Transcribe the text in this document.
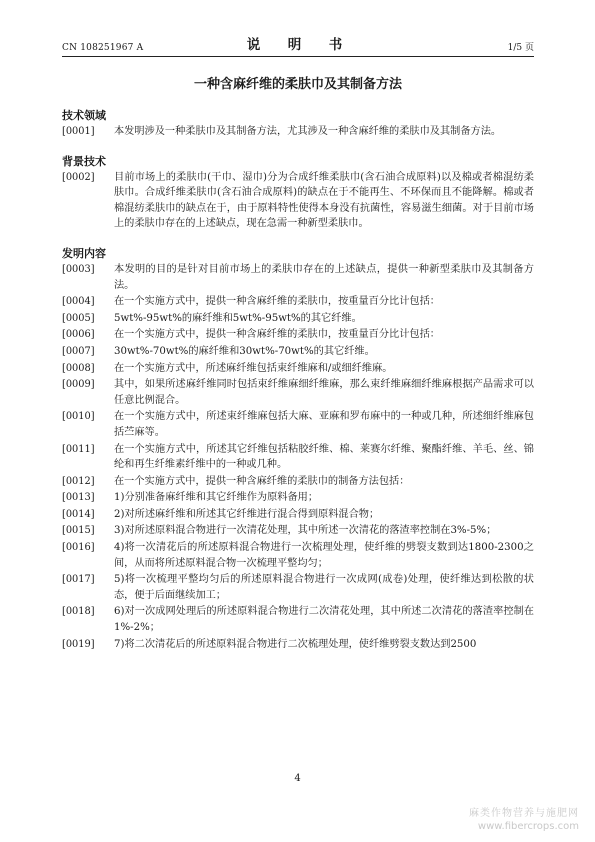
CN 108251967 A	说　明　书	1/5 页
一种含麻纤维的柔肤巾及其制备方法
技术领域
[0001]	本发明涉及一种柔肤巾及其制备方法，尤其涉及一种含麻纤维的柔肤巾及其制备方法。
背景技术
[0002]	目前市场上的柔肤巾(干巾、湿巾)分为合成纤维柔肤巾(含石油合成原料)以及棉或者棉混纺柔肤巾。合成纤维柔肤巾(含石油合成原料)的缺点在于不能再生、不环保而且不能降解。棉或者棉混纺柔肤巾的缺点在于，由于原料特性使得本身没有抗菌性，容易滋生细菌。对于目前市场上的柔肤巾存在的上述缺点，现在急需一种新型柔肤巾。
发明内容
[0003]	本发明的目的是针对目前市场上的柔肤巾存在的上述缺点，提供一种新型柔肤巾及其制备方法。
[0004]	在一个实施方式中，提供一种含麻纤维的柔肤巾，按重量百分比计包括：
[0005]	5wt%-95wt%的麻纤维和5wt%-95wt%的其它纤维。
[0006]	在一个实施方式中，提供一种含麻纤维的柔肤巾，按重量百分比计包括：
[0007]	30wt%-70wt%的麻纤维和30wt%-70wt%的其它纤维。
[0008]	在一个实施方式中，所述麻纤维包括束纤维麻和/或细纤维麻。
[0009]	其中，如果所述麻纤维同时包括束纤维麻细纤维麻，那么束纤维麻细纤维麻根据产品需求可以任意比例混合。
[0010]	在一个实施方式中，所述束纤维麻包括大麻、亚麻和罗布麻中的一种或几种，所述细纤维麻包括苎麻等。
[0011]	在一个实施方式中，所述其它纤维包括粘胶纤维、棉、莱赛尔纤维、聚酯纤维、羊毛、丝、锦纶和再生纤维素纤维中的一种或几种。
[0012]	在一个实施方式中，提供一种含麻纤维的柔肤巾的制备方法包括：
[0013]	1)分别准备麻纤维和其它纤维作为原料备用；
[0014]	2)对所述麻纤维和所述其它纤维进行混合得到原料混合物；
[0015]	3)对所述原料混合物进行一次清花处理，其中所述一次清花的落渣率控制在3%-5%；
[0016]	4)将一次清花后的所述原料混合物进行一次梳理处理，使纤维的劈裂支数到达1800-2300之间，从而将所述原料混合物一次梳理平整均匀；
[0017]	5)将一次梳理平整均匀后的所述原料混合物进行一次成网(成卷)处理，使纤维达到松散的状态，便于后面继续加工；
[0018]	6)对一次成网处理后的所述原料混合物进行二次清花处理，其中所述二次清花的落渣率控制在1%-2%；
[0019]	7)将二次清花后的所述原料混合物进行二次梳理处理，使纤维劈裂支数达到2500
4
麻类作物营养与施肥网
www.fibercrops.com
